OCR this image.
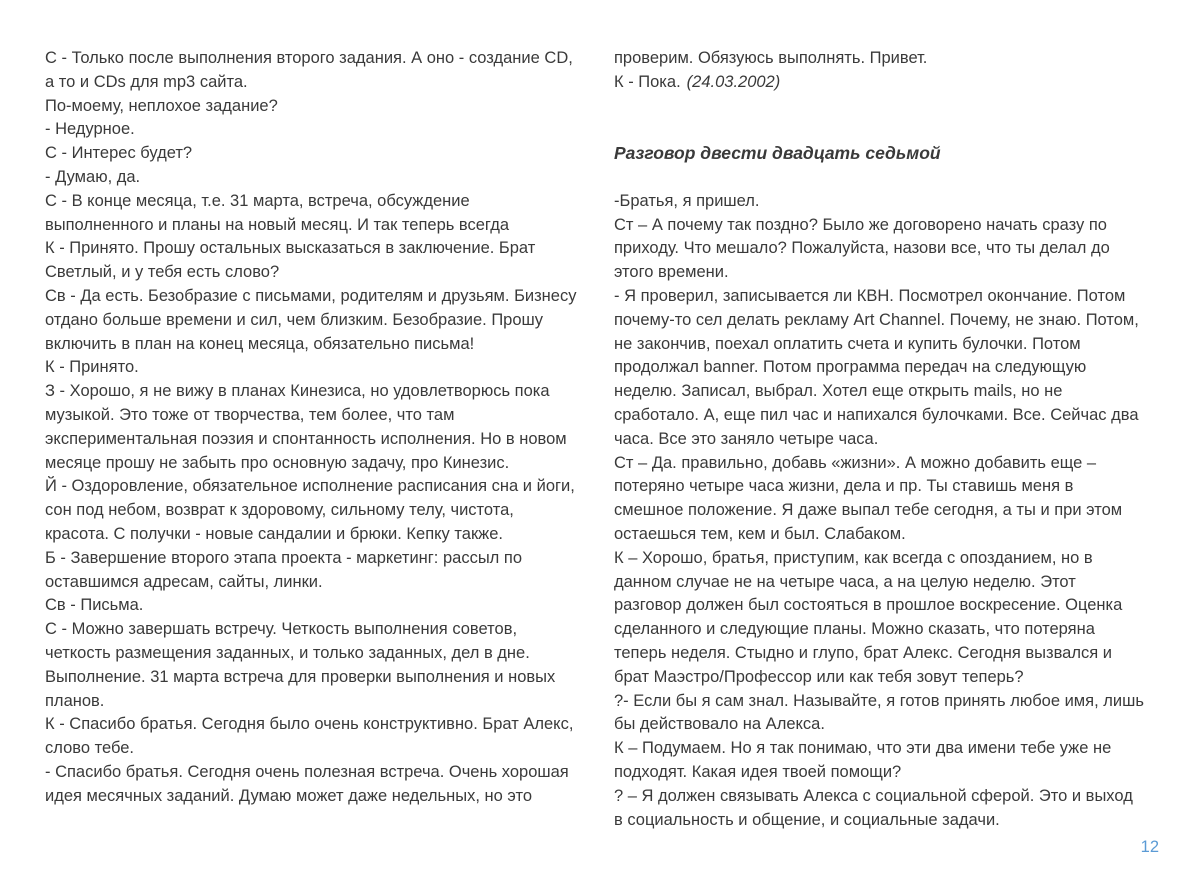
С - Только после выполнения второго задания. А оно - создание CD,

а то и CDs для mp3 сайта.

По-моему, неплохое задание?

- Недурное.

С - Интерес будет?

- Думаю, да.

С - В конце месяца, т.е. 31 марта, встреча, обсуждение

выполненного и планы на новый месяц. И так теперь всегда

К - Принято. Прошу остальных высказаться в заключение. Брат

Светлый, и у тебя есть слово?

Св - Да есть. Безобразие с письмами, родителям и друзьям. Бизнесу

отдано больше времени и сил, чем близким. Безобразие. Прошу

включить в план на конец месяца, обязательно письма!

К - Принято.

З - Хорошо, я не вижу в планах Кинезиса, но удовлетворюсь пока

музыкой. Это тоже от творчества, тем более, что там

экспериментальная поэзия и спонтанность исполнения. Но в новом

месяце прошу не забыть про основную задачу, про Кинезис.

Й - Оздоровление, обязательное исполнение расписания сна и йоги,

сон под небом, возврат к здоровому, сильному телу, чистота,

красота. С получки - новые сандалии и брюки. Кепку также.

Б - Завершение второго этапа проекта - маркетинг: рассыл по

оставшимся адресам, сайты, линки.

Св - Письма.

С - Можно завершать встречу. Четкость выполнения советов,

четкость размещения заданных, и только заданных, дел в дне.

Выполнение. 31 марта встреча для проверки выполнения и новых

планов.

К - Спасибо братья. Сегодня было очень конструктивно. Брат Алекс,

слово тебе.

- Спасибо братья. Сегодня очень полезная встреча. Очень хорошая

идея месячных заданий. Думаю может даже недельных, но это

проверим. Обязуюсь выполнять. Привет.

К - Пока. (24.03.2002)

Разговор двести двадцать седьмой

-Братья, я пришел.

Ст – А почему так поздно? Было же договорено начать сразу по

приходу. Что мешало? Пожалуйста, назови все, что ты делал до

этого времени.

- Я проверил, записывается ли КВН. Посмотрел окончание. Потом

почему-то сел делать рекламу Art Channel. Почему, не знаю. Потом,

не закончив, поехал оплатить счета и купить булочки. Потом

продолжал banner. Потом программа передач на следующую

неделю. Записал, выбрал. Хотел еще открыть mails, но не

сработало. А, еще пил час и напихался булочками. Все. Сейчас два

часа. Все это заняло четыре часа.

Ст – Да. правильно, добавь «жизни». А можно добавить еще –

потеряно четыре часа жизни, дела и пр. Ты ставишь меня в

смешное положение. Я даже выпал тебе сегодня, а ты и при этом

остаешься тем, кем и был. Слабаком.

К – Хорошо, братья, приступим, как всегда с опозданием, но в

данном случае не на четыре часа, а на целую неделю. Этот

разговор должен был состояться в прошлое воскресение. Оценка

сделанного и следующие планы. Можно сказать, что потеряна

теперь неделя. Стыдно и глупо, брат Алекс. Сегодня вызвался и

брат Маэстро/Профессор или как тебя зовут теперь?

?- Если бы я сам знал. Называйте, я готов принять любое имя, лишь

бы действовало на Алекса.

К – Подумаем. Но я так понимаю, что эти два имени тебе уже не

подходят. Какая идея твоей помощи?

? – Я должен связывать Алекса с социальной сферой. Это и выход

в социальность и общение, и социальные задачи.

12
